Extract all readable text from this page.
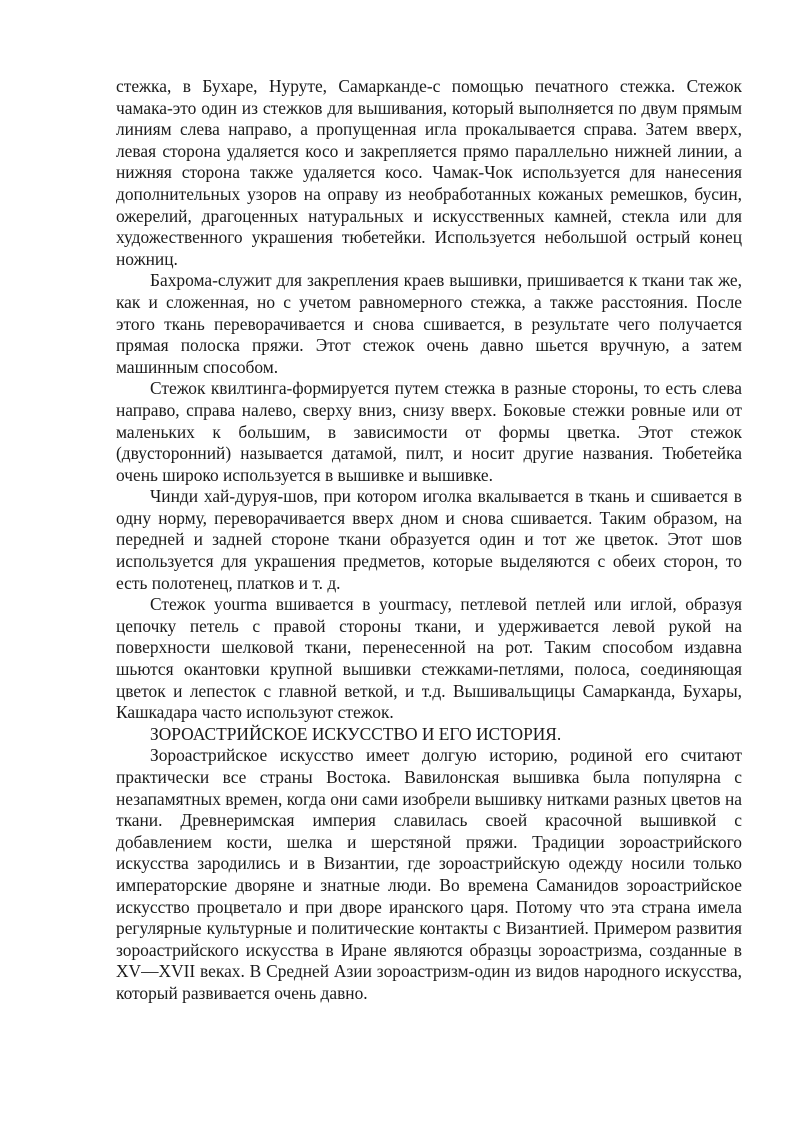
стежка, в Бухаре, Нуруте, Самарканде-с помощью печатного стежка. Стежок чамака-это один из стежков для вышивания, который выполняется по двум прямым линиям слева направо, а пропущенная игла прокалывается справа. Затем вверх, левая сторона удаляется косо и закрепляется прямо параллельно нижней линии, а нижняя сторона также удаляется косо. Чамак-Чок используется для нанесения дополнительных узоров на оправу из необработанных кожаных ремешков, бусин, ожерелий, драгоценных натуральных и искусственных камней, стекла или для художественного украшения тюбетейки. Используется небольшой острый конец ножниц.

Бахрома-служит для закрепления краев вышивки, пришивается к ткани так же, как и сложенная, но с учетом равномерного стежка, а также расстояния. После этого ткань переворачивается и снова сшивается, в результате чего получается прямая полоска пряжи. Этот стежок очень давно шьется вручную, а затем машинным способом.

Стежок квилтинга-формируется путем стежка в разные стороны, то есть слева направо, справа налево, сверху вниз, снизу вверх. Боковые стежки ровные или от маленьких к большим, в зависимости от формы цветка. Этот стежок (двусторонний) называется датамой, пилт, и носит другие названия. Тюбетейка очень широко используется в вышивке и вышивке.

Чинди хай-дуруя-шов, при котором иголка вкалывается в ткань и сшивается в одну норму, переворачивается вверх дном и снова сшивается. Таким образом, на передней и задней стороне ткани образуется один и тот же цветок. Этот шов используется для украшения предметов, которые выделяются с обеих сторон, то есть полотенец, платков и т. д.

Стежок yourma вшивается в yourmacy, петлевой петлей или иглой, образуя цепочку петель с правой стороны ткани, и удерживается левой рукой на поверхности шелковой ткани, перенесенной на рот. Таким способом издавна шьются окантовки крупной вышивки стежками-петлями, полоса, соединяющая цветок и лепесток с главной веткой, и т.д. Вышивальщицы Самарканда, Бухары, Кашкадара часто используют стежок.

ЗОРОАСТРИЙСКОЕ ИСКУССТВО И ЕГО ИСТОРИЯ.

Зороастрийское искусство имеет долгую историю, родиной его считают практически все страны Востока. Вавилонская вышивка была популярна с незапамятных времен, когда они сами изобрели вышивку нитками разных цветов на ткани. Древнеримская империя славилась своей красочной вышивкой с добавлением кости, шелка и шерстяной пряжи. Традиции зороастрийского искусства зародились и в Византии, где зороастрийскую одежду носили только императорские дворяне и знатные люди. Во времена Саманидов зороастрийское искусство процветало и при дворе иранского царя. Потому что эта страна имела регулярные культурные и политические контакты с Византией. Примером развития зороастрийского искусства в Иране являются образцы зороастризма, созданные в XV—XVII веках. В Средней Азии зороастризм-один из видов народного искусства, который развивается очень давно.
